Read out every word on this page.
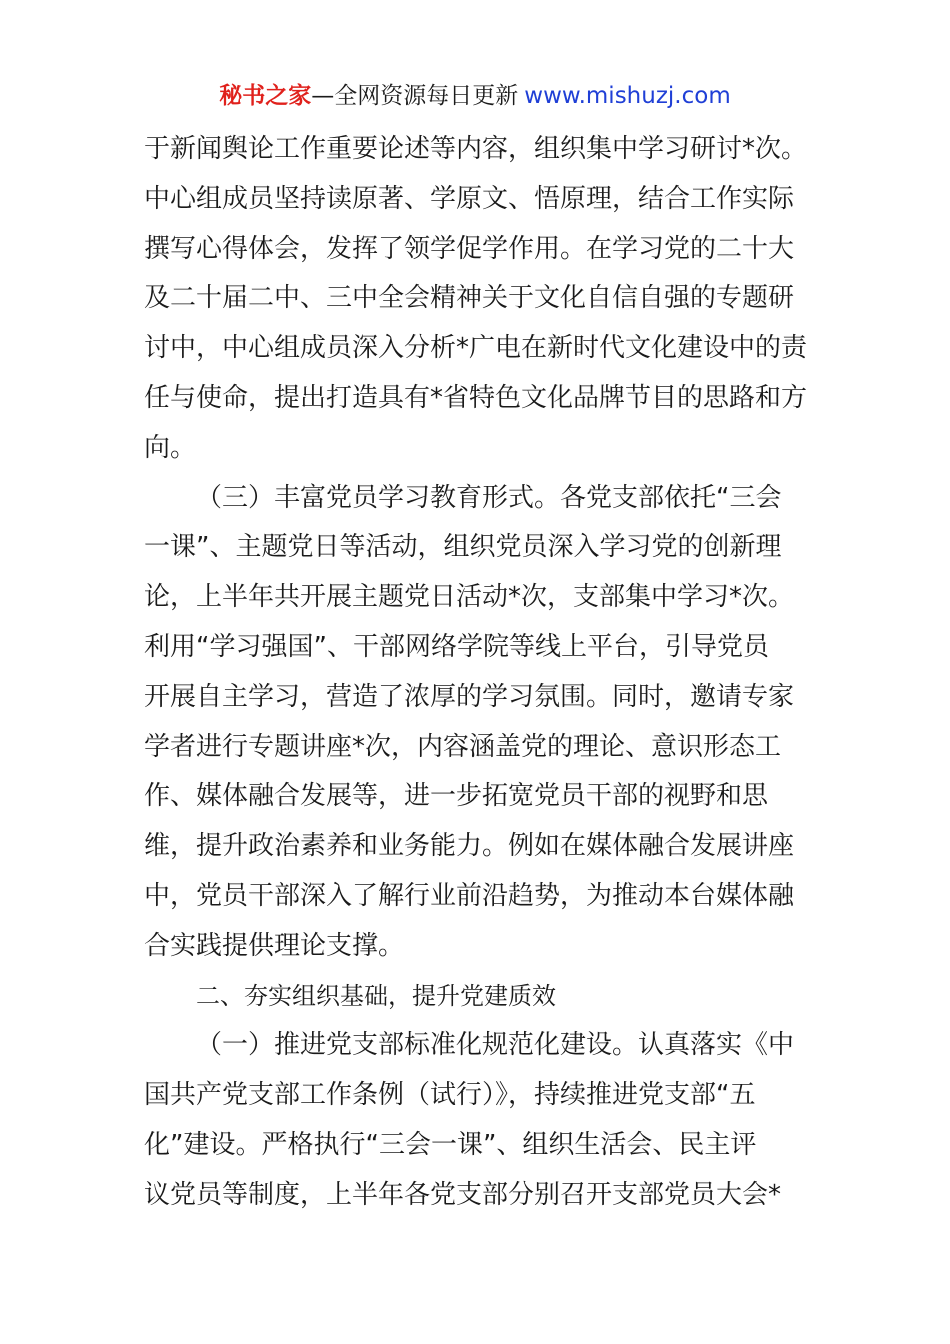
秘书之家—全网资源每日更新 www.mishuzj.com
于新闻舆论工作重要论述等内容，组织集中学习研讨*次。
中心组成员坚持读原著、学原文、悟原理，结合工作实际
撰写心得体会，发挥了领学促学作用。在学习党的二十大
及二十届二中、三中全会精神关于文化自信自强的专题研
讨中，中心组成员深入分析*广电在新时代文化建设中的责
任与使命，提出打造具有*省特色文化品牌节目的思路和方
向。
（三）丰富党员学习教育形式。各党支部依托“三会
一课”、主题党日等活动，组织党员深入学习党的创新理
论，上半年共开展主题党日活动*次，支部集中学习*次。
利用“学习强国”、干部网络学院等线上平台，引导党员
开展自主学习，营造了浓厚的学习氛围。同时，邀请专家
学者进行专题讲座*次，内容涵盖党的理论、意识形态工
作、媒体融合发展等，进一步拓宽党员干部的视野和思
维，提升政治素养和业务能力。例如在媒体融合发展讲座
中，党员干部深入了解行业前沿趋势，为推动本台媒体融
合实践提供理论支撑。
二、夯实组织基础，提升党建质效
（一）推进党支部标准化规范化建设。认真落实《中
国共产党支部工作条例（试行）》，持续推进党支部“五
化”建设。严格执行“三会一课”、组织生活会、民主评
议党员等制度，上半年各党支部分别召开支部党员大会*
